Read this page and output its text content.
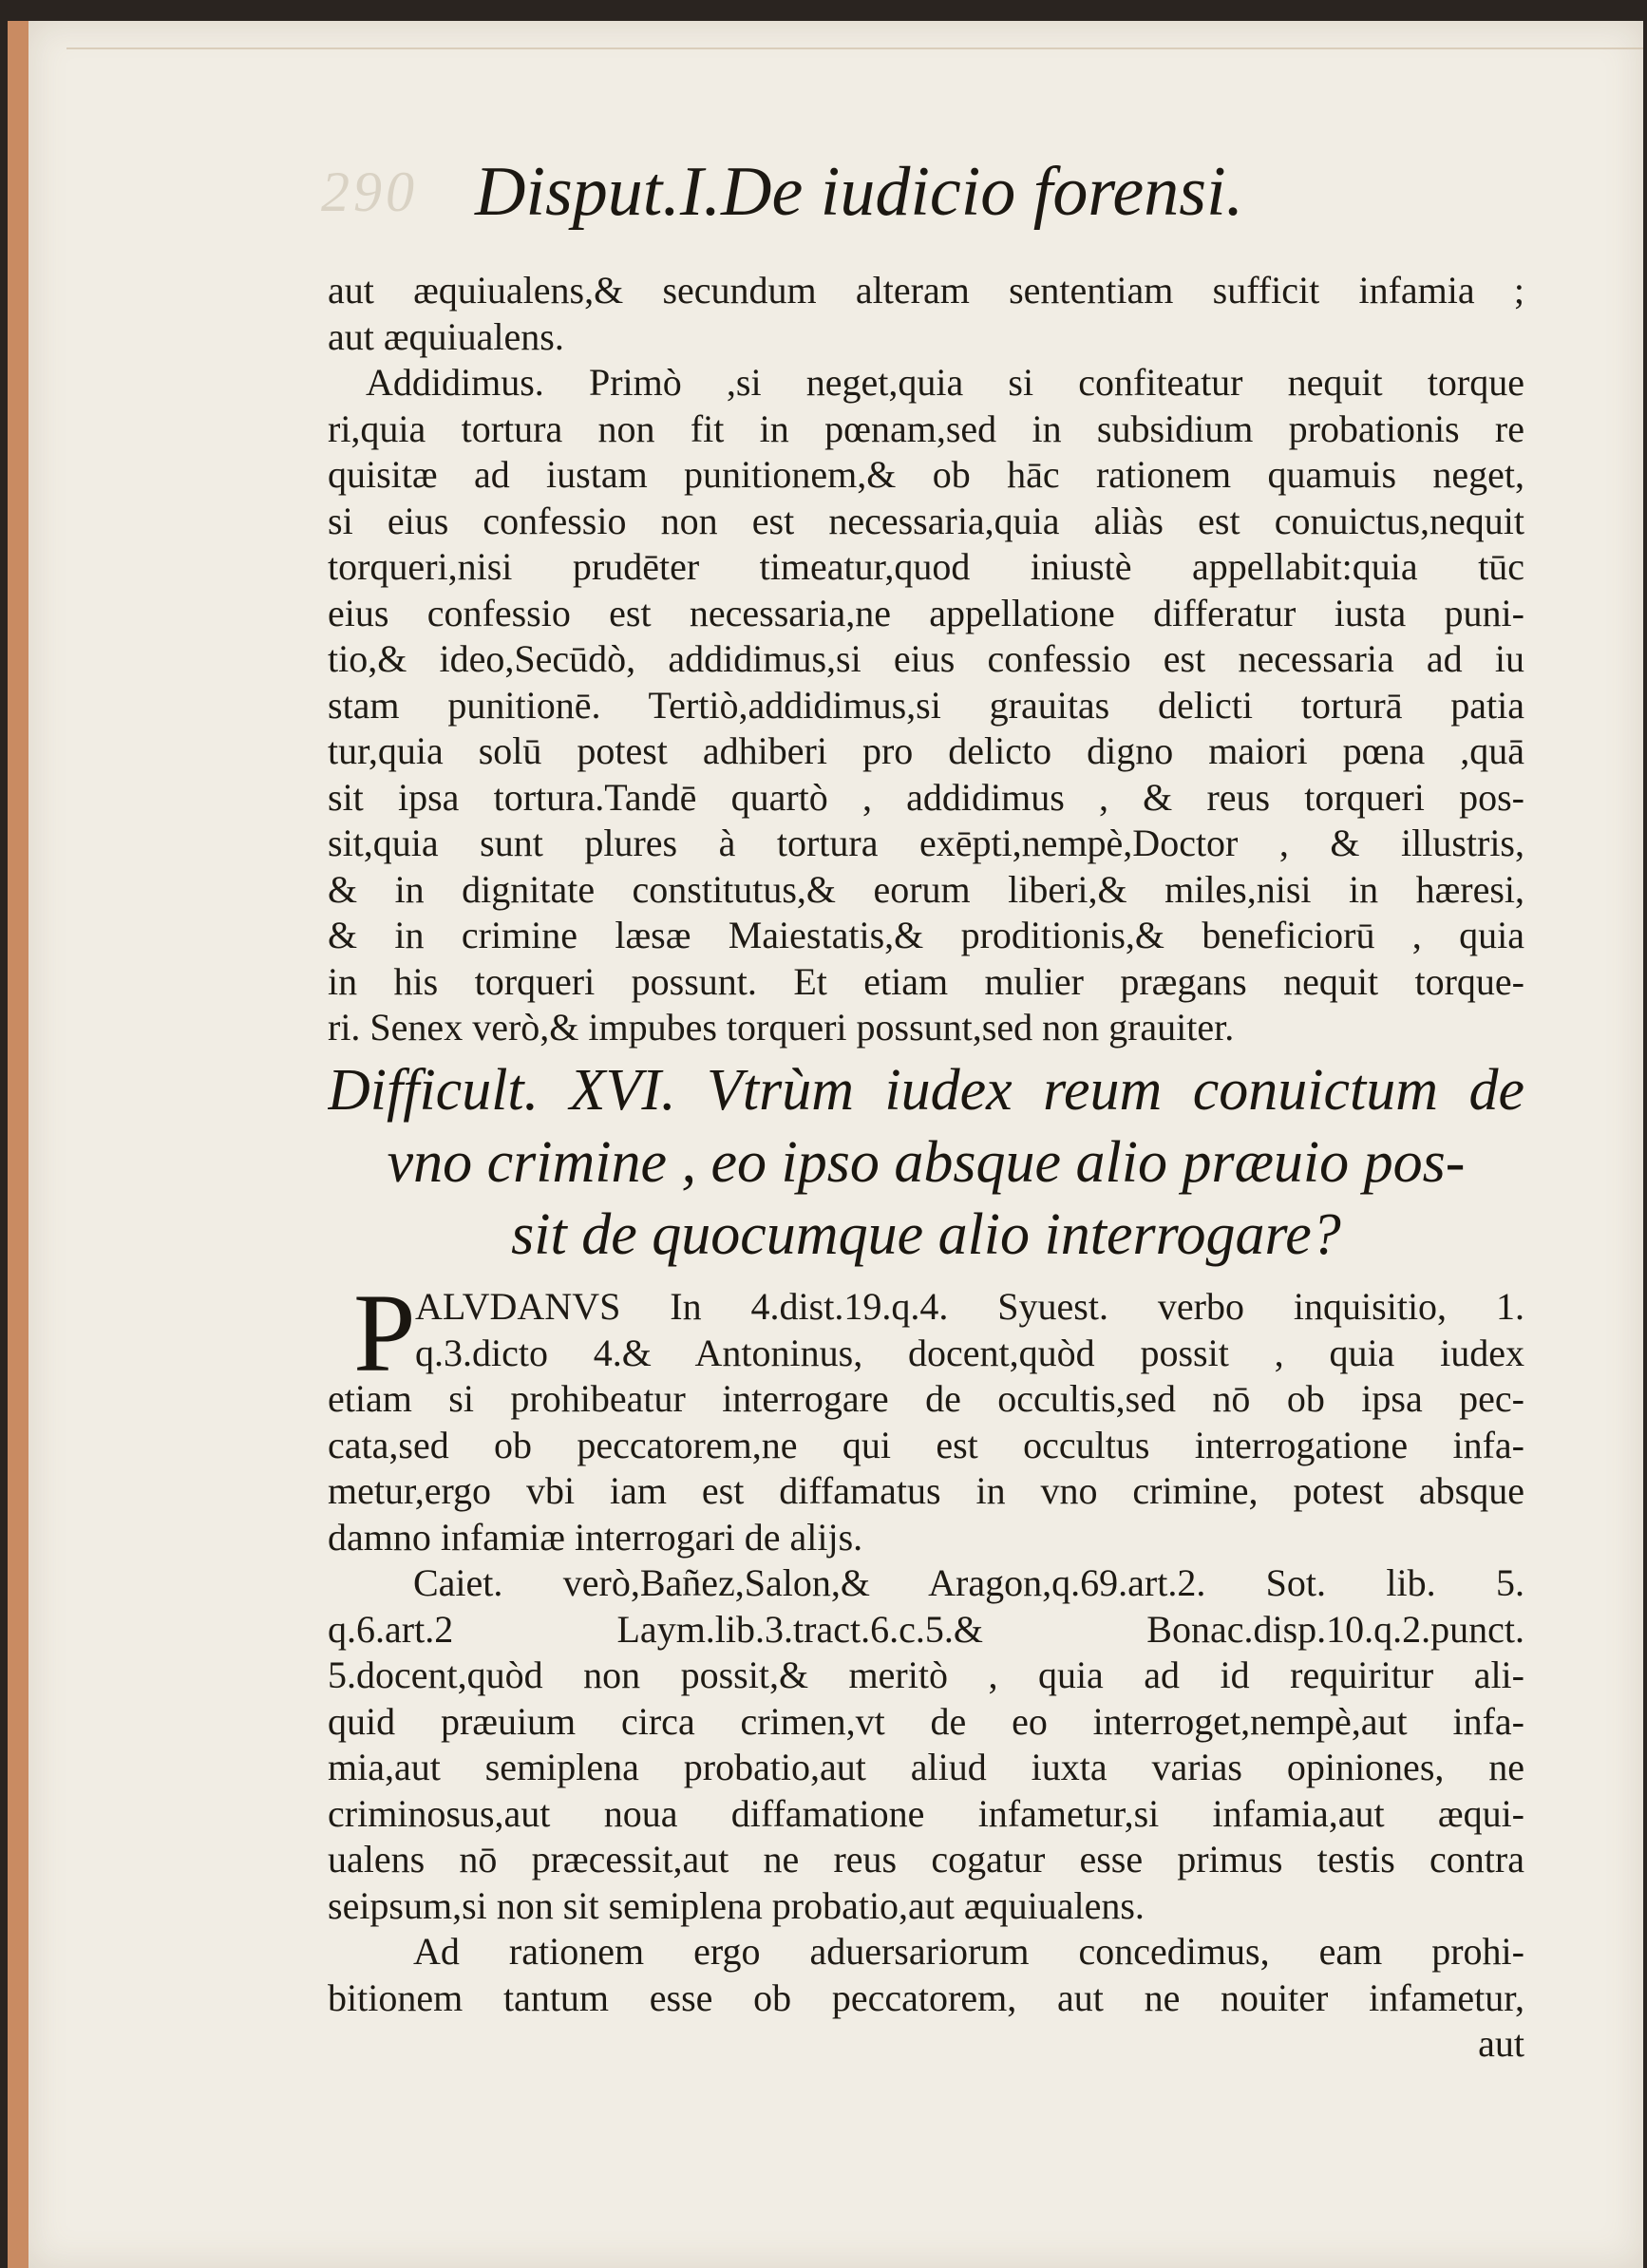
290 Disput.I.De iudicio forensi.
aut æquiualens,& secundum alteram sententiam sufficit infamia ;
aut æquiualens.
Addidimus. Primò ,si neget,quia si confiteatur nequit torque
ri,quia tortura non fit in pœnam,sed in subsidium probationis re
quisitæ ad iustam punitionem,& ob hāc rationem quamuis neget,
si eius confessio non est necessaria,quia aliàs est conuictus,nequit
torqueri,nisi prudēter timeatur,quod iniustè appellabit:quia tūc
eius confessio est necessaria,ne appellatione differatur iusta puni-
tio,& ideo,Secūdò, addidimus,si eius confessio est necessaria ad iu
stam punitionē. Tertiò,addidimus,si grauitas delicti torturā patia
tur,quia solū potest adhiberi pro delicto digno maiori pœna ,quā
sit ipsa tortura.Tandē quartò , addidimus , & reus torqueri pos-
sit,quia sunt plures à tortura exēpti,nempè,Doctor , & illustris,
& in dignitate constitutus,& eorum liberi,& miles,nisi in hæresi,
& in crimine læsæ Maiestatis,& proditionis,& beneficiorū , quia
in his torqueri possunt. Et etiam mulier prægans nequit torque-
ri. Senex verò,& impubes torqueri possunt,sed non grauiter.
Difficult. XVI. Vtrùm iudex reum conuictum de
vno crimine , eo ipso absque alio præuio pos-
sit de quocumque alio interrogare?
P ALVDANVS In 4.dist.19.q.4. Syuest. verbo inquisitio, 1.
q.3.dicto 4.& Antoninus, docent,quòd possit , quia iudex
etiam si prohibeatur interrogare de occultis,sed nō ob ipsa pec-
cata,sed ob peccatorem,ne qui est occultus interrogatione infa-
metur,ergo vbi iam est diffamatus in vno crimine, potest absque
damno infamiæ interrogari de alijs.
Caiet. verò,Bañez,Salon,& Aragon,q.69.art.2. Sot. lib. 5.
q.6.art.2 Laym.lib.3.tract.6.c.5.& Bonac.disp.10.q.2.punct.
5.docent,quòd non possit,& meritò , quia ad id requiritur ali-
quid præuium circa crimen,vt de eo interroget,nempè,aut infa-
mia,aut semiplena probatio,aut aliud iuxta varias opiniones, ne
criminosus,aut noua diffamatione infametur,si infamia,aut æqui-
ualens nō præcessit,aut ne reus cogatur esse primus testis contra
seipsum,si non sit semiplena probatio,aut æquiualens.
Ad rationem ergo aduersariorum concedimus, eam prohi-
bitionem tantum esse ob peccatorem, aut ne nouiter infametur,
aut
